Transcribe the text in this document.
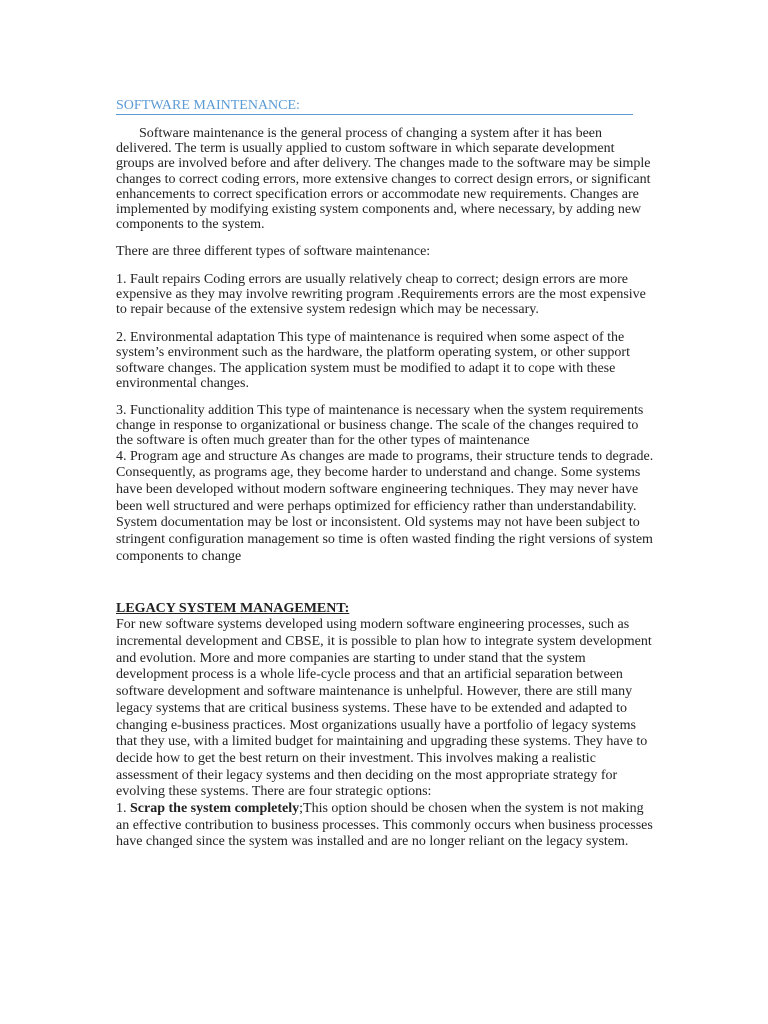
SOFTWARE MAINTENANCE:

Software maintenance is the general process of changing a system after it has been delivered. The term is usually applied to custom software in which separate development groups are involved before and after delivery. The changes made to the software may be simple changes to correct coding errors, more extensive changes to correct design errors, or significant enhancements to correct specification errors or accommodate new requirements. Changes are implemented by modifying existing system components and, where necessary, by adding new components to the system.

There are three different types of software maintenance:

1. Fault repairs Coding errors are usually relatively cheap to correct; design errors are more expensive as they may involve rewriting program .Requirements errors are the most expensive to repair because of the extensive system redesign which may be necessary.

2. Environmental adaptation This type of maintenance is required when some aspect of the system’s environment such as the hardware, the platform operating system, or other support software changes. The application system must be modified to adapt it to cope with these environmental changes.

3. Functionality addition This type of maintenance is necessary when the system requirements change in response to organizational or business change. The scale of the changes required to the software is often much greater than for the other types of maintenance

4. Program age and structure As changes are made to programs, their structure tends to degrade. Consequently, as programs age, they become harder to understand and change. Some systems have been developed without modern software engineering techniques. They may never have been well structured and were perhaps optimized for efficiency rather than understandability. System documentation may be lost or inconsistent. Old systems may not have been subject to stringent configuration management so time is often wasted finding the right versions of system components to change

LEGACY SYSTEM MANAGEMENT:

For new software systems developed using modern software engineering processes, such as incremental development and CBSE, it is possible to plan how to integrate system development and evolution. More and more companies are starting to under stand that the system development process is a whole life-cycle process and that an artificial separation between software development and software maintenance is unhelpful. However, there are still many legacy systems that are critical business systems. These have to be extended and adapted to changing e-business practices. Most organizations usually have a portfolio of legacy systems that they use, with a limited budget for maintaining and upgrading these systems. They have to decide how to get the best return on their investment. This involves making a realistic assessment of their legacy systems and then deciding on the most appropriate strategy for evolving these systems. There are four strategic options:

1. Scrap the system completely;This option should be chosen when the system is not making an effective contribution to business processes. This commonly occurs when business processes have changed since the system was installed and are no longer reliant on the legacy system.
